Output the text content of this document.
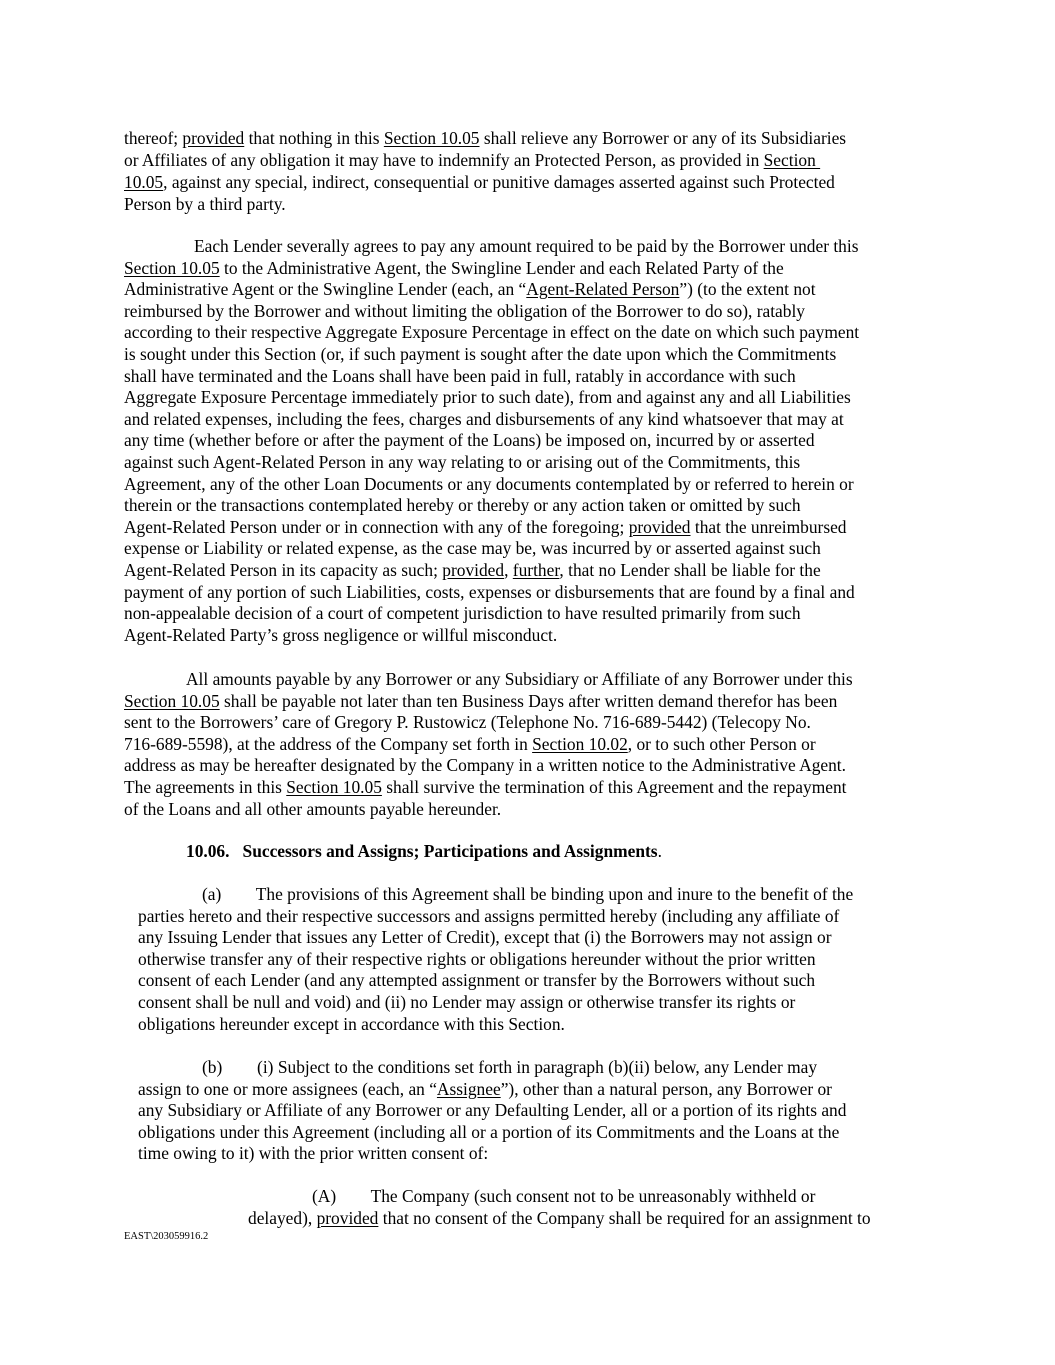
thereof; provided that nothing in this Section 10.05 shall relieve any Borrower or any of its Subsidiaries
or Affiliates of any obligation it may have to indemnify an Protected Person, as provided in Section
10.05, against any special, indirect, consequential or punitive damages asserted against such Protected
Person by a third party.
Each Lender severally agrees to pay any amount required to be paid by the Borrower under this
Section 10.05 to the Administrative Agent, the Swingline Lender and each Related Party of the
Administrative Agent or the Swingline Lender (each, an “Agent-Related Person”) (to the extent not
reimbursed by the Borrower and without limiting the obligation of the Borrower to do so), ratably
according to their respective Aggregate Exposure Percentage in effect on the date on which such payment
is sought under this Section (or, if such payment is sought after the date upon which the Commitments
shall have terminated and the Loans shall have been paid in full, ratably in accordance with such
Aggregate Exposure Percentage immediately prior to such date), from and against any and all Liabilities
and related expenses, including the fees, charges and disbursements of any kind whatsoever that may at
any time (whether before or after the payment of the Loans) be imposed on, incurred by or asserted
against such Agent-Related Person in any way relating to or arising out of the Commitments, this
Agreement, any of the other Loan Documents or any documents contemplated by or referred to herein or
therein or the transactions contemplated hereby or thereby or any action taken or omitted by such
Agent-Related Person under or in connection with any of the foregoing; provided that the unreimbursed
expense or Liability or related expense, as the case may be, was incurred by or asserted against such
Agent-Related Person in its capacity as such; provided, further, that no Lender shall be liable for the
payment of any portion of such Liabilities, costs, expenses or disbursements that are found by a final and
non-appealable decision of a court of competent jurisdiction to have resulted primarily from such
Agent-Related Party’s gross negligence or willful misconduct.
All amounts payable by any Borrower or any Subsidiary or Affiliate of any Borrower under this
Section 10.05 shall be payable not later than ten Business Days after written demand therefor has been
sent to the Borrowers’ care of Gregory P. Rustowicz (Telephone No. 716-689-5442) (Telecopy No.
716-689-5598), at the address of the Company set forth in Section 10.02, or to such other Person or
address as may be hereafter designated by the Company in a written notice to the Administrative Agent.
The agreements in this Section 10.05 shall survive the termination of this Agreement and the repayment
of the Loans and all other amounts payable hereunder.
10.06.   Successors and Assigns; Participations and Assignments.
(a)        The provisions of this Agreement shall be binding upon and inure to the benefit of the
parties hereto and their respective successors and assigns permitted hereby (including any affiliate of
any Issuing Lender that issues any Letter of Credit), except that (i) the Borrowers may not assign or
otherwise transfer any of their respective rights or obligations hereunder without the prior written
consent of each Lender (and any attempted assignment or transfer by the Borrowers without such
consent shall be null and void) and (ii) no Lender may assign or otherwise transfer its rights or
obligations hereunder except in accordance with this Section.
(b)        (i) Subject to the conditions set forth in paragraph (b)(ii) below, any Lender may
assign to one or more assignees (each, an “Assignee”), other than a natural person, any Borrower or
any Subsidiary or Affiliate of any Borrower or any Defaulting Lender, all or a portion of its rights and
obligations under this Agreement (including all or a portion of its Commitments and the Loans at the
time owing to it) with the prior written consent of:
(A)        The Company (such consent not to be unreasonably withheld or
delayed), provided that no consent of the Company shall be required for an assignment to
EAST\203059916.2
